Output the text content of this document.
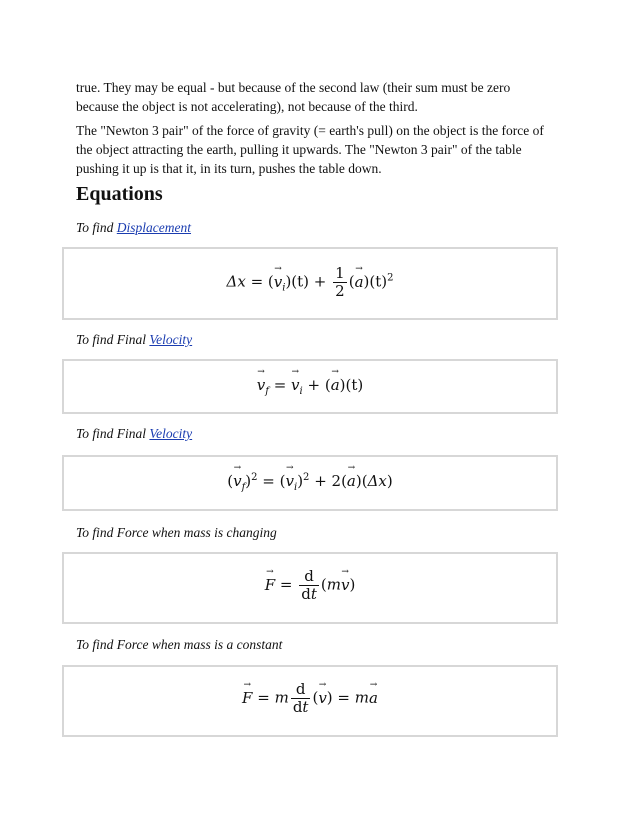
true. They may be equal - but because of the second law (their sum must be zero
because the object is not accelerating), not because of the third.

The "Newton 3 pair" of the force of gravity (= earth's pull) on the object is the force of
the object attracting the earth, pulling it upwards. The "Newton 3 pair" of the table
pushing it up is that it, in its turn, pushes the table down.

Equations
To find Displacement
Δx = (
→
$v_i)(t) + \frac{1}{2}$ (
→
$a)(t)^2$
To find Final Velocity
→
$v_f$ =
→
$v_i$ + (
→
a)(t)
To find Final Velocity
(
→
$v_f)^2$ = (
→
$v_i)^2 + 2$(
→
a)(Δx)
To find Force when mass is changing
→
$F = \frac{d}{dt} (m$
→
v)
To find Force when mass is a constant
→
F = m $\frac{d}{dt}$ (
→
v) = m
→
a
